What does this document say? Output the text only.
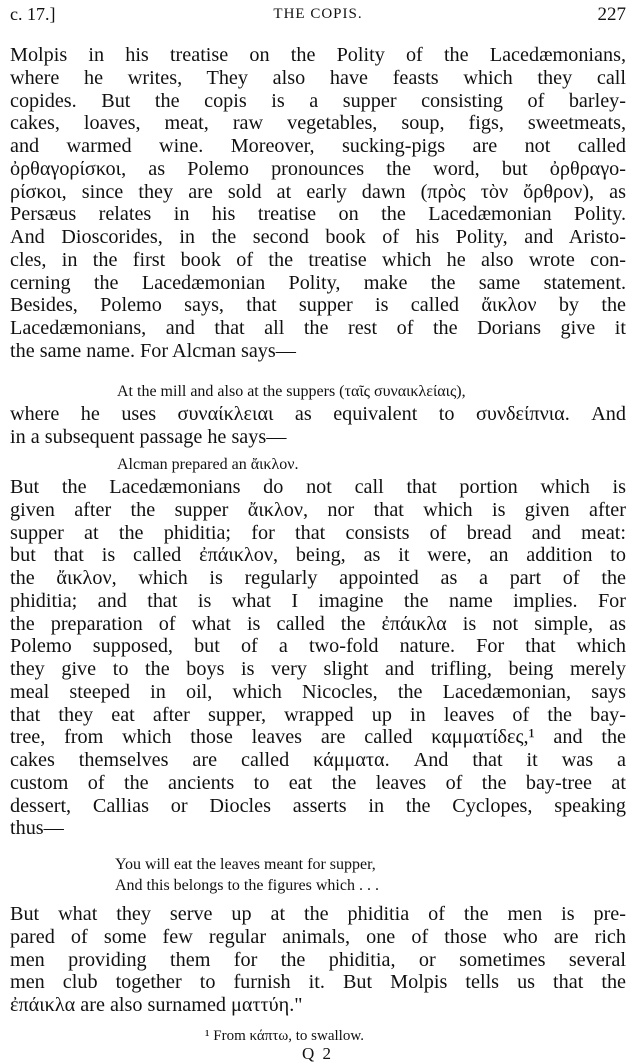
c. 17.]	THE COPIS.	227
Molpis in his treatise on the Polity of the Lacedæmonians,
where he writes, They also have feasts which they call
copides. But the copis is a supper consisting of barley-
cakes, loaves, meat, raw vegetables, soup, figs, sweetmeats,
and warmed wine. Moreover, sucking-pigs are not called
ὀρθαγορίσκοι, as Polemo pronounces the word, but ὀρθραγο-
ρίσκοι, since they are sold at early dawn (πρὸς τὸν ὄρθρον), as
Persæus relates in his treatise on the Lacedæmonian Polity.
And Dioscorides, in the second book of his Polity, and Aristo-
cles, in the first book of the treatise which he also wrote con-
cerning the Lacedæmonian Polity, make the same statement.
Besides, Polemo says, that supper is called ἄικλον by the
Lacedæmonians, and that all the rest of the Dorians give it
the same name. For Alcman says—
At the mill and also at the suppers (ταῖς συναικλείαις),
where he uses συναίκλειαι as equivalent to συνδείπνια. And
in a subsequent passage he says—
Alcman prepared an ἄικλον.
But the Lacedæmonians do not call that portion which is
given after the supper ἄικλον, nor that which is given after
supper at the phiditia; for that consists of bread and meat:
but that is called ἐπάικλον, being, as it were, an addition to
the ἄικλον, which is regularly appointed as a part of the
phiditia; and that is what I imagine the name implies. For
the preparation of what is called the ἐπάικλα is not simple, as
Polemo supposed, but of a two-fold nature. For that which
they give to the boys is very slight and trifling, being merely
meal steeped in oil, which Nicocles, the Lacedæmonian, says
that they eat after supper, wrapped up in leaves of the bay-
tree, from which those leaves are called καμματίδες,¹ and the
cakes themselves are called κάμματα. And that it was a
custom of the ancients to eat the leaves of the bay-tree at
dessert, Callias or Diocles asserts in the Cyclopes, speaking
thus—
You will eat the leaves meant for supper,
And this belongs to the figures which . . .
But what they serve up at the phiditia of the men is pre-
pared of some few regular animals, one of those who are rich
men providing them for the phiditia, or sometimes several
men club together to furnish it. But Molpis tells us that the
ἐπάικλα are also surnamed ματτύη."
¹ From κάπτω, to swallow.
Q 2
